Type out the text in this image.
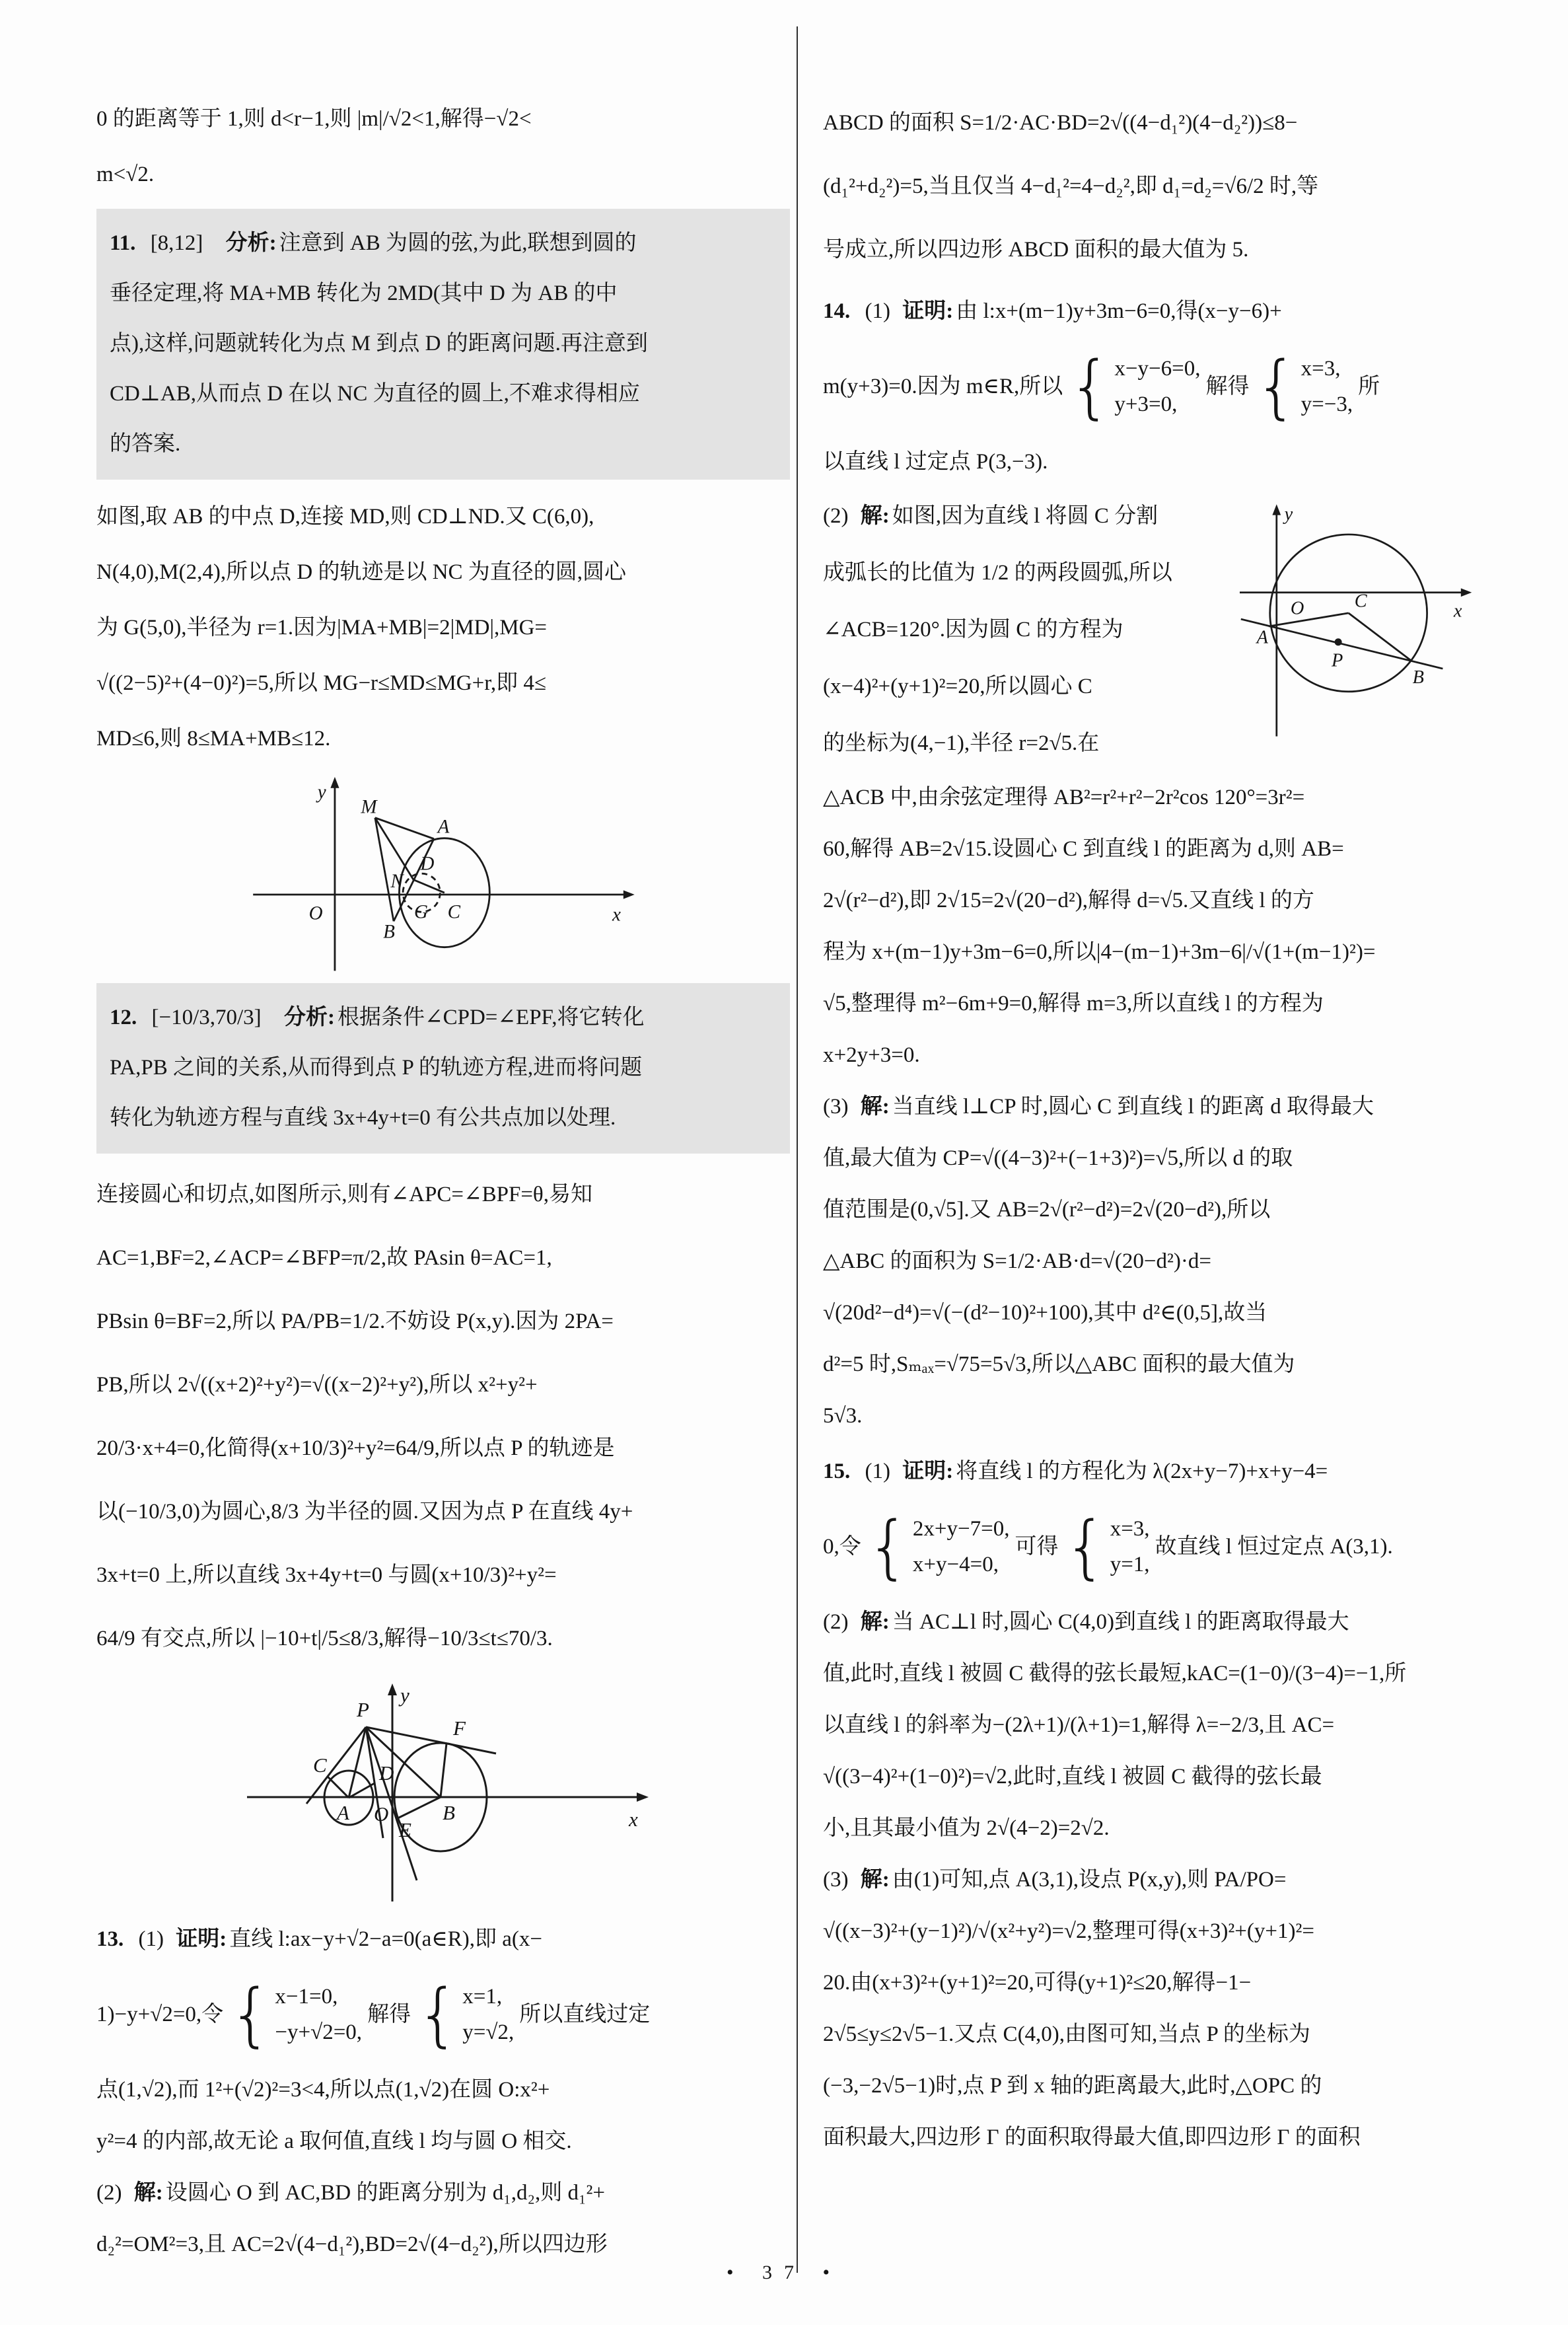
0 的距离等于 1,则 d<r−1,则 |m|/√2<1,解得−√2<
m<√2.
11. [8,12] 分析: 注意到 AB 为圆的弦,为此,联想到圆的
垂径定理,将 MA+MB 转化为 2MD(其中 D 为 AB 的中
点),这样,问题就转化为点 M 到点 D 的距离问题.再注意到
CD⊥AB,从而点 D 在以 NC 为直径的圆上,不难求得相应
的答案.
如图,取 AB 的中点 D,连接 MD,则 CD⊥ND.又 C(6,0),
N(4,0),M(2,4),所以点 D 的轨迹是以 NC 为直径的圆,圆心
为 G(5,0),半径为 r=1.因为|MA+MB|=2|MD|,MG=
√((2−5)²+(4−0)²)=5,所以 MG−r≤MD≤MG+r,即 4≤
MD≤6,则 8≤MA+MB≤12.
y
x
O
M
A
D
N
B
G C
12. [−10/3,70/3] 分析: 根据条件∠CPD=∠EPF,将它转化
PA,PB 之间的关系,从而得到点 P 的轨迹方程,进而将问题
转化为轨迹方程与直线 3x+4y+t=0 有公共点加以处理.
连接圆心和切点,如图所示,则有∠APC=∠BPF=θ,易知
AC=1,BF=2,∠ACP=∠BFP=π/2,故 PAsin θ=AC=1,
PBsin θ=BF=2,所以 PA/PB=1/2.不妨设 P(x,y).因为 2PA=
PB,所以 2√((x+2)²+y²)=√((x−2)²+y²),所以 x²+y²+
20/3·x+4=0,化简得(x+10/3)²+y²=64/9,所以点 P 的轨迹是
以(−10/3,0)为圆心,8/3 为半径的圆.又因为点 P 在直线 4y+
3x+t=0 上,所以直线 3x+4y+t=0 与圆(x+10/3)²+y²=
64/9 有交点,所以 |−10+t|/5≤8/3,解得−10/3≤t≤70/3.
y
x
O
P
F
C	D
A
E
B
13. (1) 证明: 直线 l:ax−y+√2−a=0(a∈R),即 a(x−
1)−y+√2=0,令 { x−1=0,
−y+√2=0,
解得 { x=1,
y=√2,
所以直线过定
点(1,√2),而 1²+(√2)²=3<4,所以点(1,√2)在圆 O:x²+
y²=4 的内部,故无论 a 取何值,直线 l 均与圆 O 相交.
(2) 解: 设圆心 O 到 AC,BD 的距离分别为 d₁,d₂,则 d₁²+
d₂²=OM²=3,且 AC=2√(4−d₁²),BD=2√(4−d₂²),所以四边形
ABCD 的面积 S=1/2·AC·BD=2√((4−d₁²)(4−d₂²))≤8−
(d₁²+d₂²)=5,当且仅当 4−d₁²=4−d₂²,即 d₁=d₂=√6/2 时,等
号成立,所以四边形 ABCD 面积的最大值为 5.
14. (1) 证明: 由 l:x+(m−1)y+3m−6=0,得(x−y−6)+
m(y+3)=0.因为 m∈R,所以 { x−y−6=0,
y+3=0,
解得 { x=3,
y=−3,
所
以直线 l 过定点 P(3,−3).
(2) 解: 如图,因为直线 l 将圆 C 分割
成弧长的比值为 1/2 的两段圆弧,所以
∠ACB=120°.因为圆 C 的方程为
(x−4)²+(y+1)²=20,所以圆心 C
的坐标为(4,−1),半径 r=2√5.在
y
x
O C
A
P
B
△ACB 中,由余弦定理得 AB²=r²+r²−2r²cos 120°=3r²=
60,解得 AB=2√15.设圆心 C 到直线 l 的距离为 d,则 AB=
2√(r²−d²),即 2√15=2√(20−d²),解得 d=√5.又直线 l 的方
程为 x+(m−1)y+3m−6=0,所以|4−(m−1)+3m−6|/√(1+(m−1)²)=
√5,整理得 m²−6m+9=0,解得 m=3,所以直线 l 的方程为
x+2y+3=0.
(3) 解: 当直线 l⊥CP 时,圆心 C 到直线 l 的距离 d 取得最大
值,最大值为 CP=√((4−3)²+(−1+3)²)=√5,所以 d 的取
值范围是(0,√5].又 AB=2√(r²−d²)=2√(20−d²),所以
△ABC 的面积为 S=1/2·AB·d=√(20−d²)·d=
√(20d²−d⁴)=√(−(d²−10)²+100),其中 d²∈(0,5],故当
d²=5 时,Sₘₐₓ=√75=5√3,所以△ABC 面积的最大值为
5√3.
15. (1) 证明: 将直线 l 的方程化为 λ(2x+y−7)+x+y−4=
0,令 { 2x+y−7=0,
x+y−4=0,
可得 { x=3,
y=1,
故直线 l 恒过定点 A(3,1).
(2) 解: 当 AC⊥l 时,圆心 C(4,0)到直线 l 的距离取得最大
值,此时,直线 l 被圆 C 截得的弦长最短,kAC=(1−0)/(3−4)=−1,所
以直线 l 的斜率为−(2λ+1)/(λ+1)=1,解得 λ=−2/3,且 AC=
√((3−4)²+(1−0)²)=√2,此时,直线 l 被圆 C 截得的弦长最
小,且其最小值为 2√(4−2)=2√2.
(3) 解: 由(1)可知,点 A(3,1),设点 P(x,y),则 PA/PO=
√((x−3)²+(y−1)²)/√(x²+y²)=√2,整理可得(x+3)²+(y+1)²=
20.由(x+3)²+(y+1)²=20,可得(y+1)²≤20,解得−1−
2√5≤y≤2√5−1.又点 C(4,0),由图可知,当点 P 的坐标为
(−3,−2√5−1)时,点 P 到 x 轴的距离最大,此时,△OPC 的
面积最大,四边形 Γ 的面积取得最大值,即四边形 Γ 的面积
• 37 •
